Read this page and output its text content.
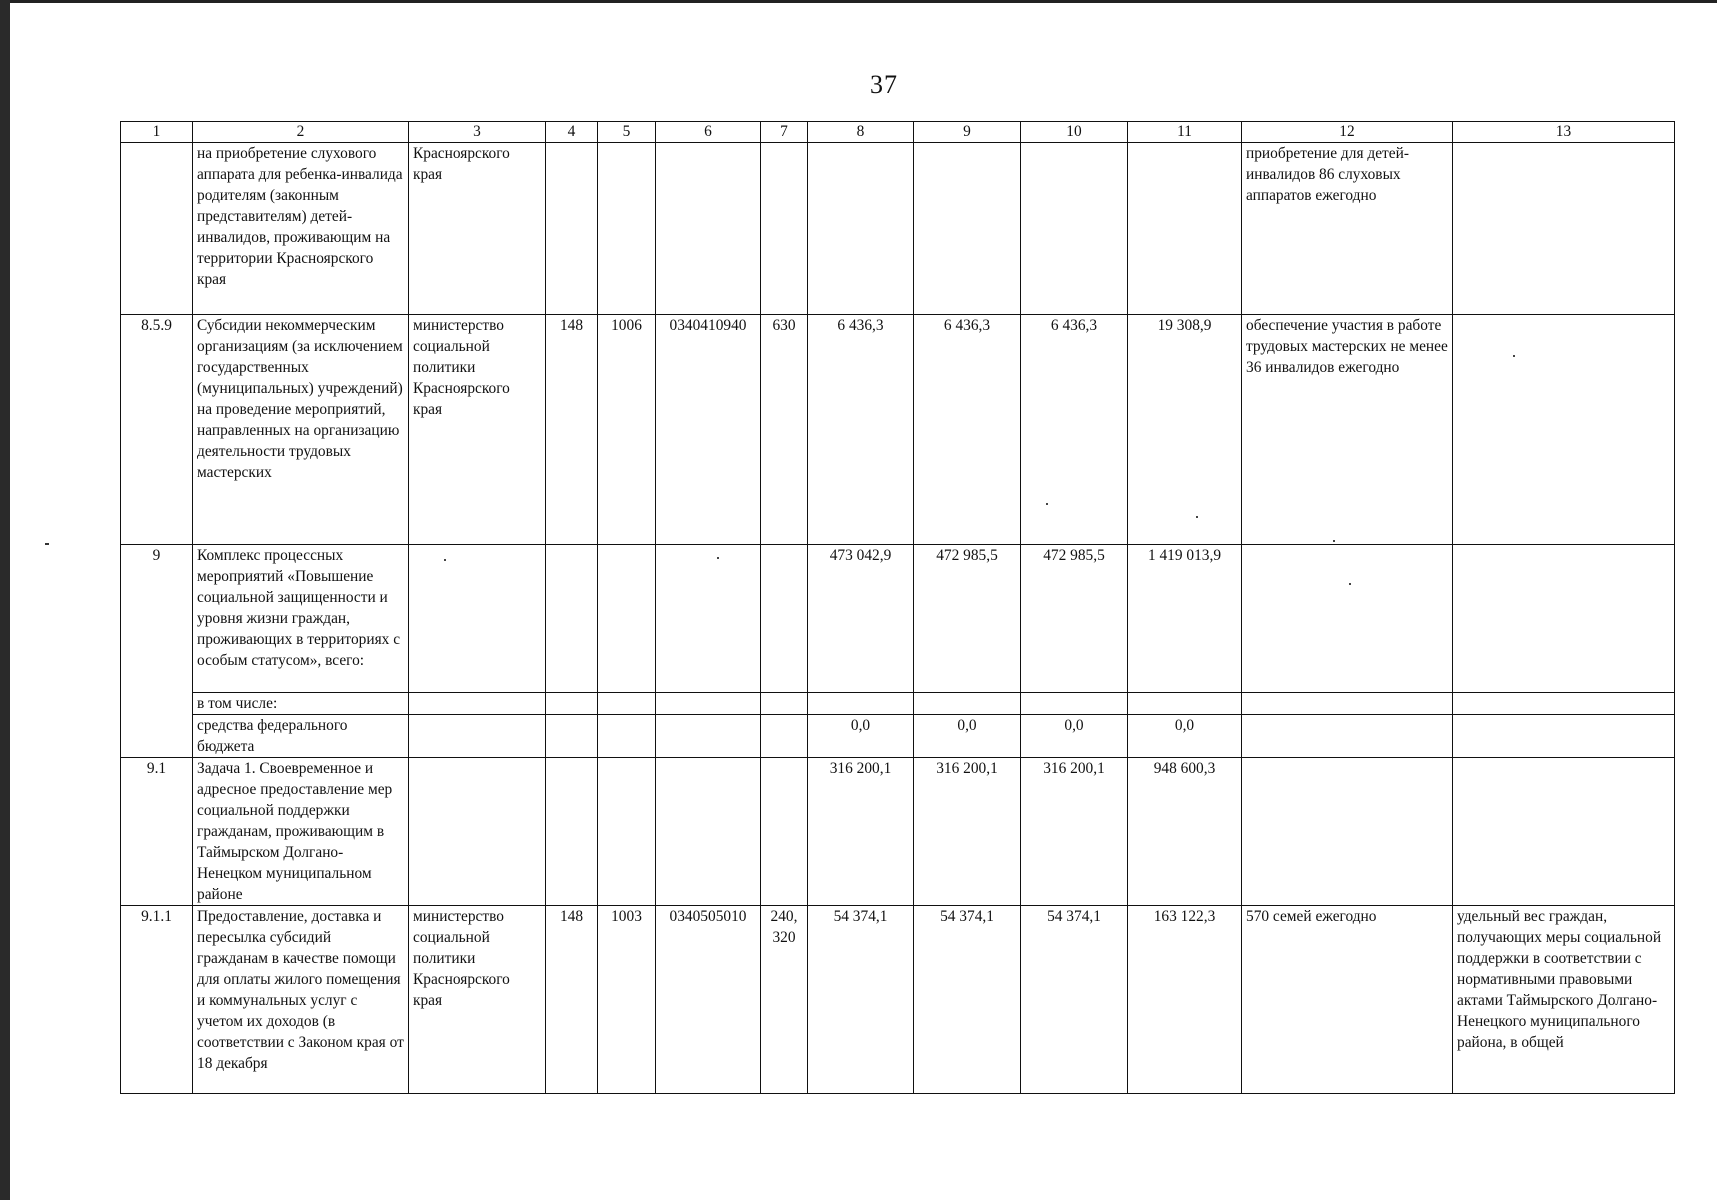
37
1	2	3	4	5	6	7	8	9	10	11	12	13
	на приобретение слухового аппарата для ребенка-инвалида родителям (законным представителям) детей-инвалидов, проживающим на территории Красноярского края	Красноярского края									приобретение для детей-инвалидов 86 слуховых аппаратов ежегодно	
8.5.9	Субсидии некоммерческим организациям (за исключением государственных (муниципальных) учреждений) на проведение мероприятий, направленных на организацию деятельности трудовых мастерских	министерство социальной политики Красноярского края	148	1006	0340410940	630	6 436,3	6 436,3	6 436,3	19 308,9	обеспечение участия в работе трудовых мастерских не менее 36 инвалидов ежегодно	
9	Комплекс процессных мероприятий «Повышение социальной защищенности и уровня жизни граждан, проживающих в территориях с особым статусом», всего:						473 042,9	472 985,5	472 985,5	1 419 013,9		
	в том числе:											
	средства федерального бюджета						0,0	0,0	0,0	0,0		
9.1	Задача 1. Своевременное и адресное предоставление мер социальной поддержки гражданам, проживающим в Таймырском Долгано-Ненецком муниципальном районе						316 200,1	316 200,1	316 200,1	948 600,3		
9.1.1	Предоставление, доставка и пересылка субсидий гражданам в качестве помощи для оплаты жилого помещения и коммунальных услуг с учетом их доходов (в соответствии с Законом края от 18 декабря	министерство социальной политики Красноярского края	148	1003	0340505010	240, 320	54 374,1	54 374,1	54 374,1	163 122,3	570 семей ежегодно	удельный вес граждан, получающих меры социальной поддержки в соответствии с нормативными правовыми актами Таймырского Долгано-Ненецкого муниципального района, в общей
